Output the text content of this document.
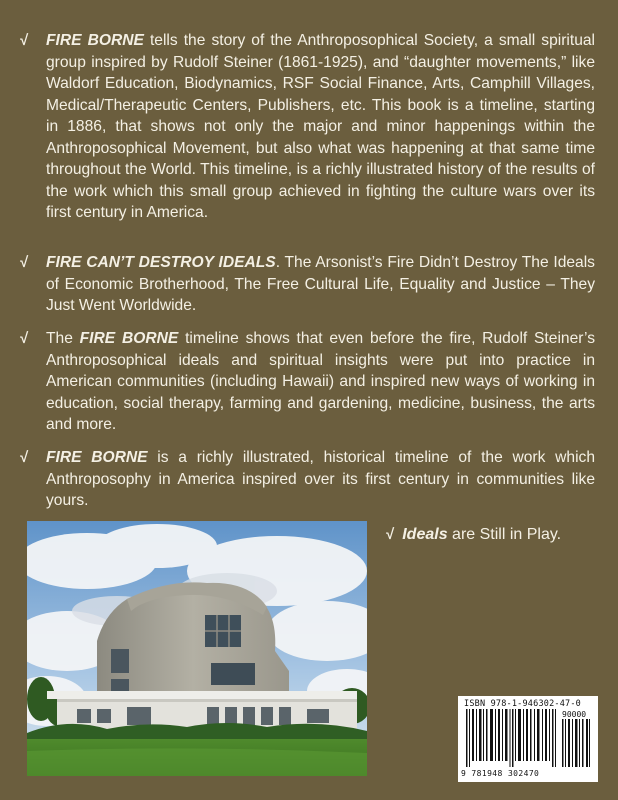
√	FIRE BORNE tells the story of the Anthroposophical Society, a small spiritual group inspired by Rudolf Steiner (1861-1925), and “daughter movements,” like Waldorf Education, Biodynamics, RSF Social Finance, Arts, Camphill Villages, Medical/Therapeutic Centers, Publishers, etc. This book is a timeline, starting in 1886, that shows not only the major and minor happenings within the Anthroposophical Movement, but also what was happening at that same time throughout the World. This timeline, is a richly illustrated history of the results of the work which this small group achieved in fighting the culture wars over its first century in America.
√	FIRE CAN’T DESTROY IDEALS. The Arsonist’s Fire Didn’t Destroy The Ideals of Economic Brotherhood, The Free Cultural Life, Equality and Justice – They Just Went Worldwide.
√	The FIRE BORNE timeline shows that even before the fire, Rudolf Steiner’s Anthroposophical ideals and spiritual insights were put into practice in American communities (including Hawaii) and inspired new ways of working in education, social therapy, farming and gardening, medicine, business, the arts and more.
√	FIRE BORNE is a richly illustrated, historical timeline of the work which Anthroposophy in America inspired over its first century in communities like yours.
√ Ideals are Still in Play.
ISBN 978-1-946302-47-0
90000
9 781948 302470
